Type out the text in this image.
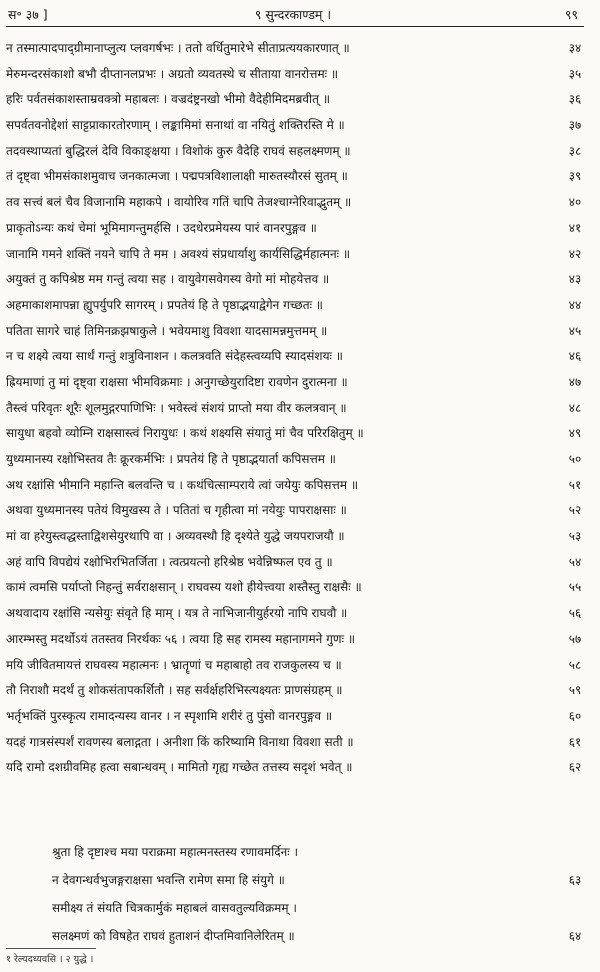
स॰ ३७ ]	९ सुन्दरकाण्डम् ।	९९
न तस्मात्पादपाद्ग्रीमानाप्लुत्य प्लवगर्षभः । ततो वर्धितुमारेभे सीताप्रत्ययकारणात् ॥	३४
मेरुमन्दरसंकाशो बभौ दीप्तानलप्रभः । अग्रतो व्यवतस्थे च सीताया वानरोत्तमः ॥	३५
हरिः पर्वतसंकाशस्ताम्रवक्त्रो महाबलः । वज्रदंष्ट्रनखो भीमो वैदेहीमिदमब्रवीत् ॥	३६
सपर्वतवनोद्देशां साट्टप्राकारतोरणाम् । लङ्कामिमां सनाथां वा नयितुं शक्तिरस्ति मे ॥	३७
तदवस्थाप्यतां बुद्धिरलं देवि विकाङ्क्षया । विशोकं कुरु वैदेहि राघवं सहलक्ष्मणम् ॥	३८
तं दृष्ट्वा भीमसंकाशमुवाच जनकात्मजा । पद्मपत्रविशालाक्षी मारुतस्यौरसं सुतम् ॥	३९
तव सत्त्वं बलं चैव विजानामि महाकपे । वायोरिव गतिं चापि तेजश्चाग्नेरिवाद्भुतम् ॥	४०
प्राकृतोऽन्यः कथं चेमां भूमिमागन्तुमर्हसि । उदधेरप्रमेयस्य पारं वानरपुङ्गव ॥	४१
जानामि गमने शक्तिं नयने चापि ते मम । अवश्यं संप्रधार्याशु कार्यसिद्धिर्महात्मनः ॥	४२
अयुक्तं तु कपिश्रेष्ठ मम गन्तुं त्वया सह । वायुवेगसवेगस्य वेगो मां मोहयेत्तव ॥	४३
अहमाकाशमापन्ना ह्युपर्युपरि सागरम् । प्रपतेयं हि ते पृष्ठाद्भयाद्वेगेन गच्छतः ॥	४४
पतिता सागरे चाहं तिमिनक्रझषाकुले । भवेयमाशु विवशा यादसामन्नमुत्तमम् ॥	४५
न च शक्ष्ये त्वया सार्धं गन्तुं शत्रुविनाशन । कलत्रवति संदेहस्त्वय्यपि स्यादसंशयः ॥	४६
ह्रियमाणां तु मां दृष्ट्वा राक्षसा भीमविक्रमाः । अनुगच्छेयुरादिष्टा रावणेन दुरात्मना ॥	४७
तैस्त्वं परिवृतः शूरैः शूलमुद्गरपाणिभिः । भवेस्त्वं संशयं प्राप्तो मया वीर कलत्रवान् ॥	४८
सायुधा बहवो व्योम्नि राक्षसास्त्वं निरायुधः । कथं शक्ष्यसि संयातुं मां चैव परिरक्षितुम् ॥	४९
युध्यमानस्य रक्षोभिस्तव तैः क्रूरकर्मभिः । प्रपतेयं हि ते पृष्ठाद्भयार्ता कपिसत्तम ॥	५०
अथ रक्षांसि भीमानि महान्ति बलवन्ति च । कथंचित्साम्पराये त्वां जयेयुः कपिसत्तम ॥	५१
अथवा युध्यमानस्य पतेयं विमुखस्य ते । पतितां च गृहीत्वा मां नयेयुः पापराक्षसाः ॥	५२
मां वा हरेयुस्त्वद्धस्ताद्विशसेयुरथापि वा । अव्यवस्थौ हि दृश्येते युद्धे जयपराजयौ ॥	५३
अहं वापि विपद्येयं रक्षोभिरभितर्जिता । त्वत्प्रयत्नो हरिश्रेष्ठ भवेन्निष्फल एव तु ॥	५४
कामं त्वमसि पर्याप्तो निहन्तुं सर्वराक्षसान् । राघवस्य यशो हीयेत्त्वया शस्तैस्तु राक्षसैः ॥	५५
अथवादाय रक्षांसि न्यसेयुः संवृते हि माम् । यत्र ते नाभिजानीयुर्हरयो नापि राघवौ ॥	५६
आरम्भस्तु मदर्थोऽयं ततस्तव निरर्थकः ५६ । त्वया हि सह रामस्य महानागमने गुणः ॥	५७
मयि जीवितमायत्तं राघवस्य महात्मनः । भ्रातॄणां च महाबाहो तव राजकुलस्य च ॥	५८
तौ निराशौ मदर्थं तु शोकसंतापकर्शितौ । सह सर्वर्क्षहरिभिस्त्यक्ष्यतः प्राणसंग्रहम् ॥	५९
भर्तृभक्तिं पुरस्कृत्य रामादन्यस्य वानर । न स्पृशामि शरीरं तु पुंसो वानरपुङ्गव ॥	६०
यदहं गात्रसंस्पर्शं रावणस्य बलाद्गता । अनीशा किं करिष्यामि विनाथा विवशा सती ॥	६१
यदि रामो दशग्रीवमिह हत्वा सबान्धवम् । मामितो गृह्य गच्छेत तत्तस्य सदृशं भवेत् ॥	६२
श्रुता हि दृष्टाश्च मया पराक्रमा महात्मनस्तस्य रणावमर्दिनः ।
न देवगन्धर्वभुजङ्गराक्षसा भवन्ति रामेण समा हि संयुगे ॥	६३
समीक्ष्य तं संयति चित्रकार्मुकं महाबलं वासवतुल्यविक्रमम् ।
सलक्ष्मणं को विषहेत राघवं हुताशनं दीप्तमिवानिलेरितम् ॥	६४
१ रेल्यदध्यवसि । २ युद्धे ।
